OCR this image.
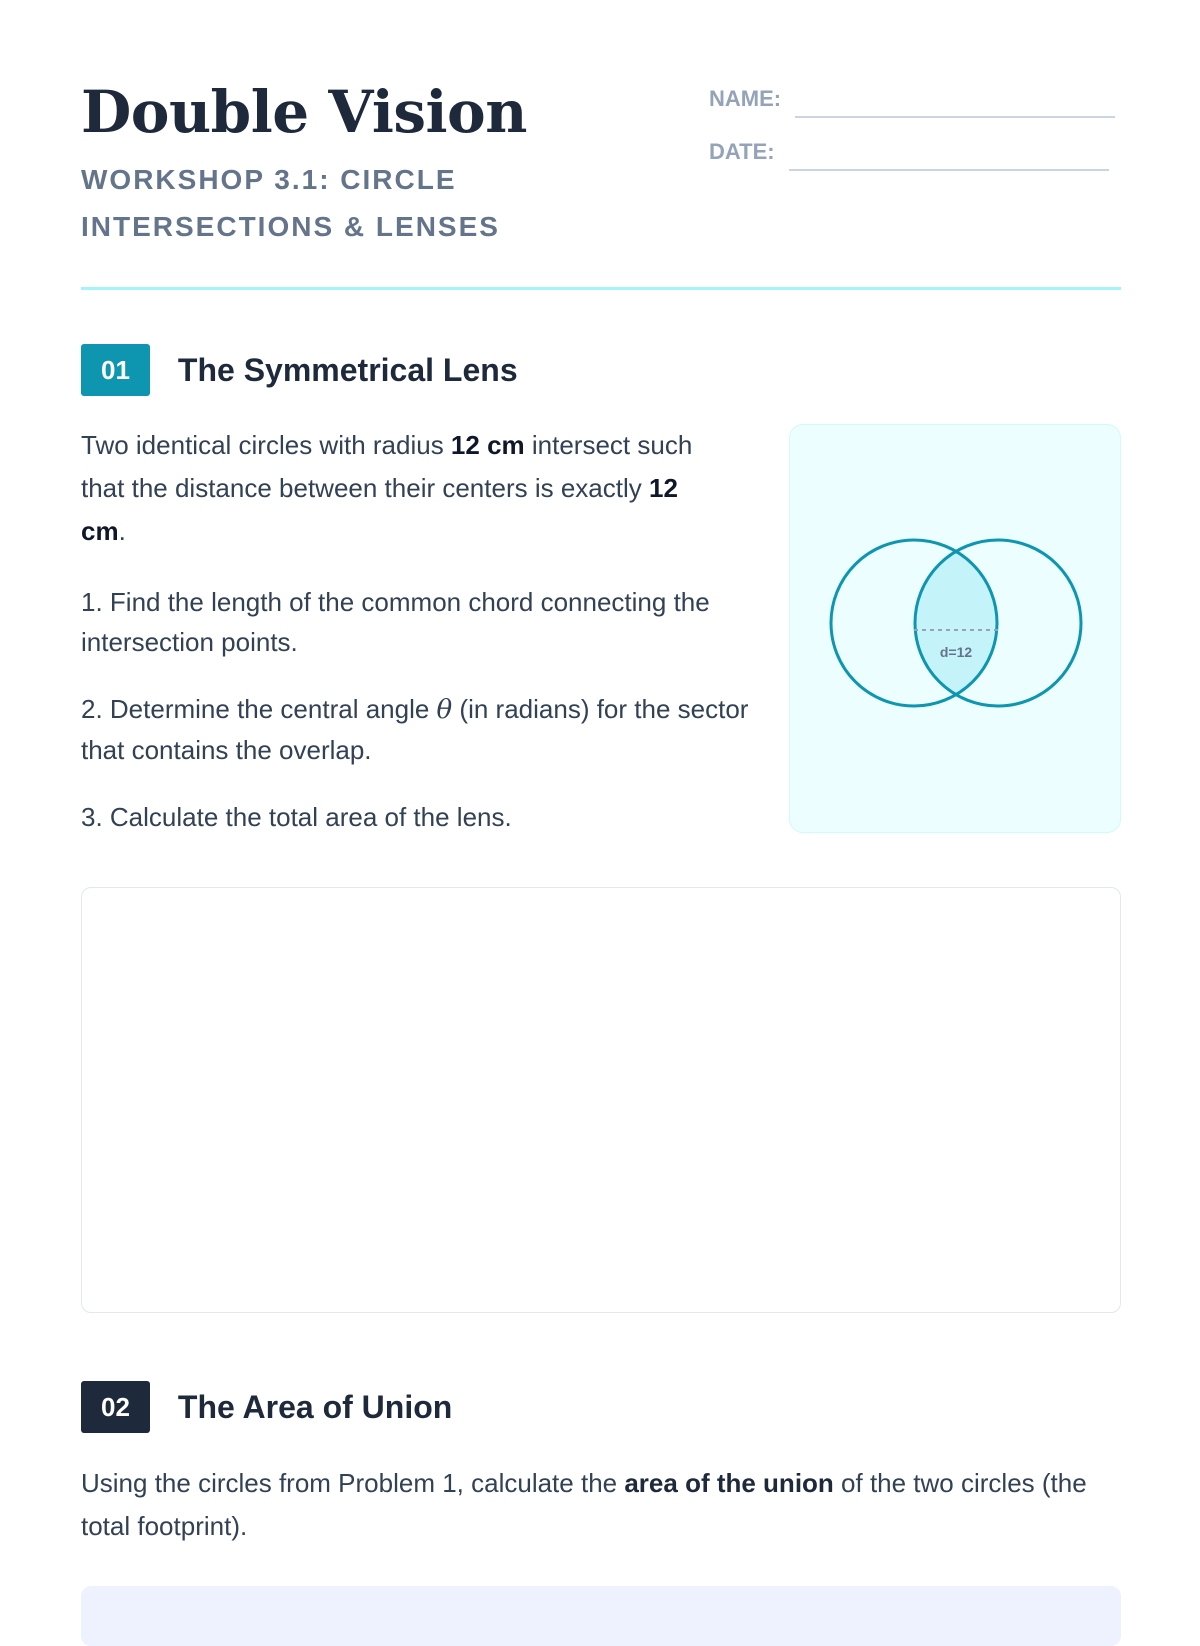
Double Vision
WORKSHOP 3.1: CIRCLE INTERSECTIONS & LENSES
NAME:
DATE:
01	The Symmetrical Lens

Two identical circles with radius 12 cm intersect such that the distance between their centers is exactly 12 cm.

1. Find the length of the common chord connecting the intersection points.
2. Determine the central angle θ (in radians) for the sector that contains the overlap.
3. Calculate the total area of the lens.
d=12
02	The Area of Union

Using the circles from Problem 1, calculate the area of the union of the two circles (the total footprint).
